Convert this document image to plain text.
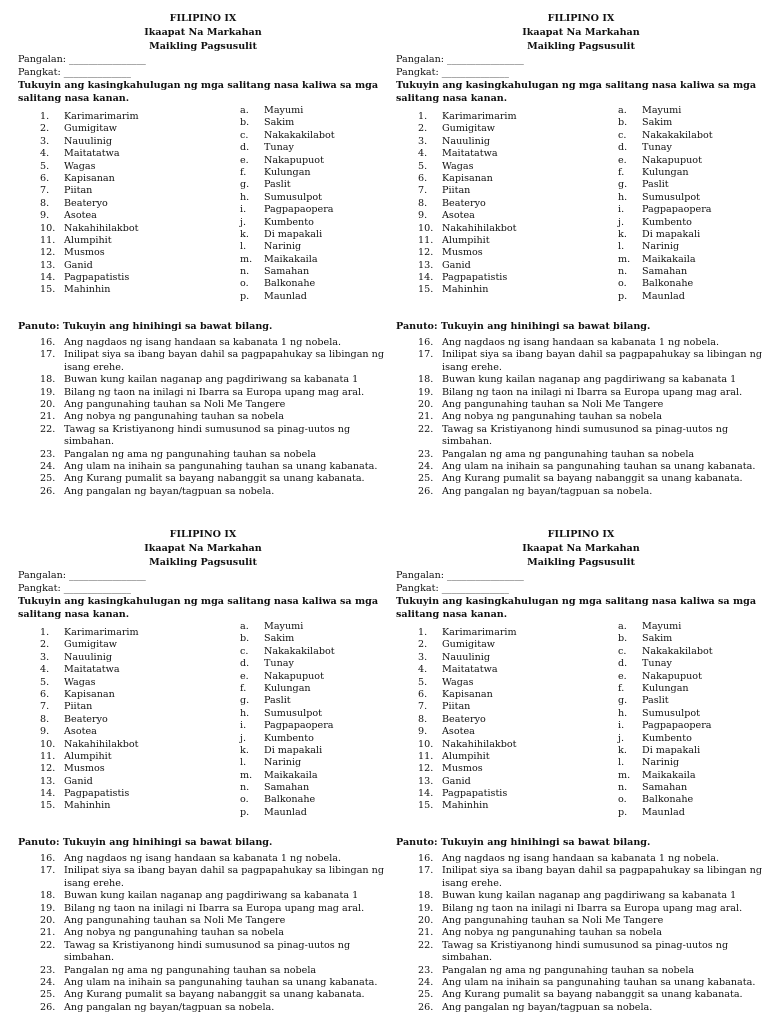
FILIPINO IX
Ikaapat Na Markahan
Maikling Pagsusulit
Pangalan: ________________
Pangkat: ______________
Tukuyin ang kasingkahulugan ng mga salitang nasa kaliwa sa mga salitang nasa kanan.
1. Karimarimarim
2. Gumigitaw
3. Nauulinig
4. Maitatatwa
5. Wagas
6. Kapisanan
7. Piitan
8. Beateryo
9. Asotea
10. Nakahihilakbot
11. Alumpihit
12. Musmos
13. Ganid
14. Pagpapatistis
15. Mahinhin
a. Mayumi
b. Sakim
c. Nakakakilabot
d. Tunay
e. Nakapupuot
f. Kulungan
g. Paslit
h. Sumusulpot
i. Pagpapaopera
j. Kumbento
k. Di mapakali
l. Narinig
m. Maikakaila
n. Samahan
o. Balkonahe
p. Maunlad
Panuto: Tukuyin ang hinihingi sa bawat bilang.
16. Ang nagdaos ng isang handaan sa kabanata 1 ng nobela.
17. Inilipat siya sa ibang bayan dahil sa pagpapahukay sa libingan ng isang erehe.
18. Buwan kung kailan naganap ang pagdiriwang sa kabanata 1
19. Bilang ng taon na inilagi ni Ibarra sa Europa upang mag aral.
20. Ang pangunahing tauhan sa Noli Me Tangere
21. Ang nobya ng pangunahing tauhan sa nobela
22. Tawag sa Kristiyanong hindi sumusunod sa pinag-uutos ng simbahan.
23. Pangalan ng ama ng pangunahing tauhan sa nobela
24. Ang ulam na inihain sa pangunahing tauhan sa unang kabanata.
25. Ang Kurang pumalit sa bayang nabanggit sa unang kabanata.
26. Ang pangalan ng bayan/tagpuan sa nobela.
FILIPINO IX
Ikaapat Na Markahan
Maikling Pagsusulit
Pangalan: ________________
Pangkat: ______________
Tukuyin ang kasingkahulugan ng mga salitang nasa kaliwa sa mga salitang nasa kanan.
1. Karimarimarim
2. Gumigitaw
3. Nauulinig
4. Maitatatwa
5. Wagas
6. Kapisanan
7. Piitan
8. Beateryo
9. Asotea
10. Nakahihilakbot
11. Alumpihit
12. Musmos
13. Ganid
14. Pagpapatistis
15. Mahinhin
a. Mayumi
b. Sakim
c. Nakakakilabot
d. Tunay
e. Nakapupuot
f. Kulungan
g. Paslit
h. Sumusulpot
i. Pagpapaopera
j. Kumbento
k. Di mapakali
l. Narinig
m. Maikakaila
n. Samahan
o. Balkonahe
p. Maunlad
Panuto: Tukuyin ang hinihingi sa bawat bilang.
16. Ang nagdaos ng isang handaan sa kabanata 1 ng nobela.
17. Inilipat siya sa ibang bayan dahil sa pagpapahukay sa libingan ng isang erehe.
18. Buwan kung kailan naganap ang pagdiriwang sa kabanata 1
19. Bilang ng taon na inilagi ni Ibarra sa Europa upang mag aral.
20. Ang pangunahing tauhan sa Noli Me Tangere
21. Ang nobya ng pangunahing tauhan sa nobela
22. Tawag sa Kristiyanong hindi sumusunod sa pinag-uutos ng simbahan.
23. Pangalan ng ama ng pangunahing tauhan sa nobela
24. Ang ulam na inihain sa pangunahing tauhan sa unang kabanata.
25. Ang Kurang pumalit sa bayang nabanggit sa unang kabanata.
26. Ang pangalan ng bayan/tagpuan sa nobela.
FILIPINO IX
Ikaapat Na Markahan
Maikling Pagsusulit
Pangalan: ________________
Pangkat: ______________
Tukuyin ang kasingkahulugan ng mga salitang nasa kaliwa sa mga salitang nasa kanan.
1. Karimarimarim
2. Gumigitaw
3. Nauulinig
4. Maitatatwa
5. Wagas
6. Kapisanan
7. Piitan
8. Beateryo
9. Asotea
10. Nakahihilakbot
11. Alumpihit
12. Musmos
13. Ganid
14. Pagpapatistis
15. Mahinhin
a. Mayumi
b. Sakim
c. Nakakakilabot
d. Tunay
e. Nakapupuot
f. Kulungan
g. Paslit
h. Sumusulpot
i. Pagpapaopera
j. Kumbento
k. Di mapakali
l. Narinig
m. Maikakaila
n. Samahan
o. Balkonahe
p. Maunlad
Panuto: Tukuyin ang hinihingi sa bawat bilang.
16. Ang nagdaos ng isang handaan sa kabanata 1 ng nobela.
17. Inilipat siya sa ibang bayan dahil sa pagpapahukay sa libingan ng isang erehe.
18. Buwan kung kailan naganap ang pagdiriwang sa kabanata 1
19. Bilang ng taon na inilagi ni Ibarra sa Europa upang mag aral.
20. Ang pangunahing tauhan sa Noli Me Tangere
21. Ang nobya ng pangunahing tauhan sa nobela
22. Tawag sa Kristiyanong hindi sumusunod sa pinag-uutos ng simbahan.
23. Pangalan ng ama ng pangunahing tauhan sa nobela
24. Ang ulam na inihain sa pangunahing tauhan sa unang kabanata.
25. Ang Kurang pumalit sa bayang nabanggit sa unang kabanata.
26. Ang pangalan ng bayan/tagpuan sa nobela.
FILIPINO IX
Ikaapat Na Markahan
Maikling Pagsusulit
Pangalan: ________________
Pangkat: ______________
Tukuyin ang kasingkahulugan ng mga salitang nasa kaliwa sa mga salitang nasa kanan.
1. Karimarimarim
2. Gumigitaw
3. Nauulinig
4. Maitatatwa
5. Wagas
6. Kapisanan
7. Piitan
8. Beateryo
9. Asotea
10. Nakahihilakbot
11. Alumpihit
12. Musmos
13. Ganid
14. Pagpapatistis
15. Mahinhin
a. Mayumi
b. Sakim
c. Nakakakilabot
d. Tunay
e. Nakapupuot
f. Kulungan
g. Paslit
h. Sumusulpot
i. Pagpapaopera
j. Kumbento
k. Di mapakali
l. Narinig
m. Maikakaila
n. Samahan
o. Balkonahe
p. Maunlad
Panuto: Tukuyin ang hinihingi sa bawat bilang.
16. Ang nagdaos ng isang handaan sa kabanata 1 ng nobela.
17. Inilipat siya sa ibang bayan dahil sa pagpapahukay sa libingan ng isang erehe.
18. Buwan kung kailan naganap ang pagdiriwang sa kabanata 1
19. Bilang ng taon na inilagi ni Ibarra sa Europa upang mag aral.
20. Ang pangunahing tauhan sa Noli Me Tangere
21. Ang nobya ng pangunahing tauhan sa nobela
22. Tawag sa Kristiyanong hindi sumusunod sa pinag-uutos ng simbahan.
23. Pangalan ng ama ng pangunahing tauhan sa nobela
24. Ang ulam na inihain sa pangunahing tauhan sa unang kabanata.
25. Ang Kurang pumalit sa bayang nabanggit sa unang kabanata.
26. Ang pangalan ng bayan/tagpuan sa nobela.
